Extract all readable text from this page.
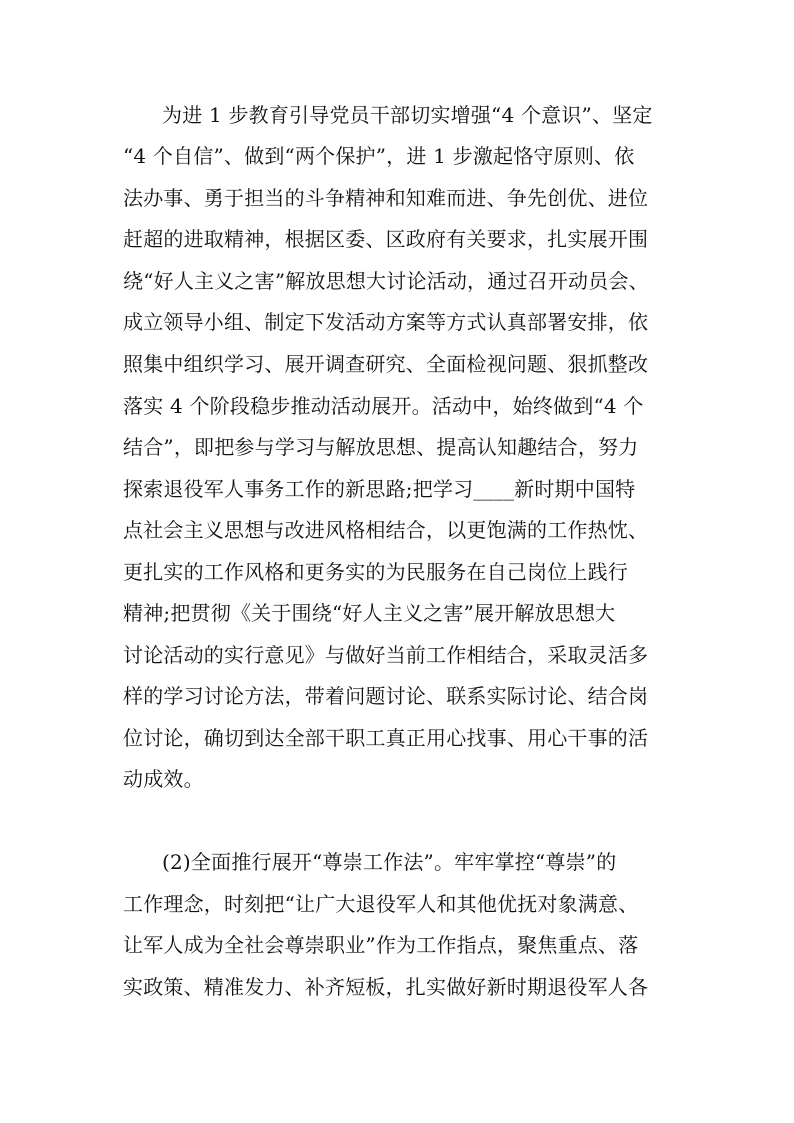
为进 1 步教育引导党员干部切实增强“4 个意识”、坚定

“4 个自信”、做到“两个保护”，进 1 步激起恪守原则、依

法办事、勇于担当的斗争精神和知难而进、争先创优、进位

赶超的进取精神，根据区委、区政府有关要求，扎实展开围

绕“好人主义之害”解放思想大讨论活动，通过召开动员会、

成立领导小组、制定下发活动方案等方式认真部署安排，依

照集中组织学习、展开调查研究、全面检视问题、狠抓整改

落实 4 个阶段稳步推动活动展开。活动中，始终做到“4 个

结合”，即把参与学习与解放思想、提高认知趣结合，努力

探索退役军人事务工作的新思路;把学习____新时期中国特

点社会主义思想与改进风格相结合，以更饱满的工作热忱、

更扎实的工作风格和更务实的为民服务在自己岗位上践行

精神;把贯彻《关于围绕“好人主义之害”展开解放思想大

讨论活动的实行意见》与做好当前工作相结合，采取灵活多

样的学习讨论方法，带着问题讨论、联系实际讨论、结合岗

位讨论，确切到达全部干职工真正用心找事、用心干事的活

动成效。

(2)全面推行展开“尊崇工作法”。牢牢掌控“尊崇”的

工作理念，时刻把“让广大退役军人和其他优抚对象满意、

让军人成为全社会尊崇职业”作为工作指点，聚焦重点、落

实政策、精准发力、补齐短板，扎实做好新时期退役军人各
